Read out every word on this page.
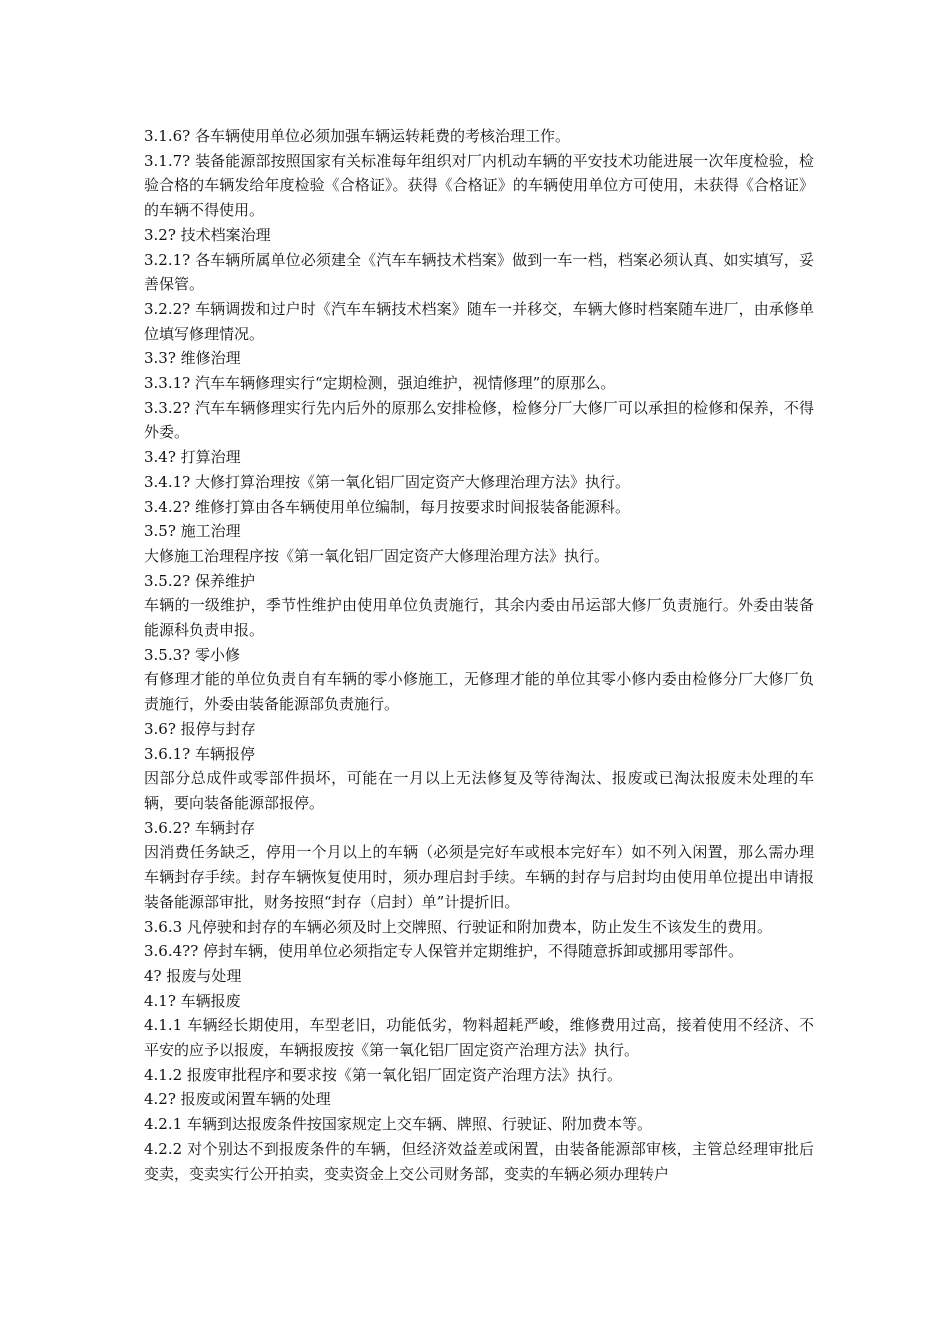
3.1.6? 各车辆使用单位必须加强车辆运转耗费的考核治理工作。

3.1.7? 装备能源部按照国家有关标准每年组织对厂内机动车辆的平安技术功能进展一次年度检验，检验合格的车辆发给年度检验《合格证》。获得《合格证》的车辆使用单位方可使用，未获得《合格证》的车辆不得使用。

3.2? 技术档案治理

3.2.1? 各车辆所属单位必须建全《汽车车辆技术档案》做到一车一档，档案必须认真、如实填写，妥善保管。

3.2.2? 车辆调拨和过户时《汽车车辆技术档案》随车一并移交，车辆大修时档案随车进厂，由承修单位填写修理情况。

3.3? 维修治理

3.3.1? 汽车车辆修理实行“定期检测，强迫维护，视情修理”的原那么。

3.3.2? 汽车车辆修理实行先内后外的原那么安排检修，检修分厂大修厂可以承担的检修和保养，不得外委。

3.4? 打算治理

3.4.1? 大修打算治理按《第一氧化铝厂固定资产大修理治理方法》执行。

3.4.2? 维修打算由各车辆使用单位编制，每月按要求时间报装备能源科。

3.5? 施工治理

大修施工治理程序按《第一氧化铝厂固定资产大修理治理方法》执行。

3.5.2? 保养维护

车辆的一级维护，季节性维护由使用单位负责施行，其余内委由吊运部大修厂负责施行。外委由装备能源科负责申报。

3.5.3? 零小修

有修理才能的单位负责自有车辆的零小修施工，无修理才能的单位其零小修内委由检修分厂大修厂负责施行，外委由装备能源部负责施行。

3.6? 报停与封存

3.6.1? 车辆报停

因部分总成件或零部件损坏，可能在一月以上无法修复及等待淘汰、报废或已淘汰报废未处理的车辆，要向装备能源部报停。

3.6.2? 车辆封存

因消费任务缺乏，停用一个月以上的车辆（必须是完好车或根本完好车）如不列入闲置，那么需办理车辆封存手续。封存车辆恢复使用时，须办理启封手续。车辆的封存与启封均由使用单位提出申请报装备能源部审批，财务按照“封存（启封）单”计提折旧。

3.6.3 凡停驶和封存的车辆必须及时上交牌照、行驶证和附加费本，防止发生不该发生的费用。

3.6.4?? 停封车辆，使用单位必须指定专人保管并定期维护，不得随意拆卸或挪用零部件。

4? 报废与处理

4.1? 车辆报废

4.1.1 车辆经长期使用，车型老旧，功能低劣，物料超耗严峻，维修费用过高，接着使用不经济、不平安的应予以报废，车辆报废按《第一氧化铝厂固定资产治理方法》执行。

4.1.2 报废审批程序和要求按《第一氧化铝厂固定资产治理方法》执行。

4.2? 报废或闲置车辆的处理

4.2.1 车辆到达报废条件按国家规定上交车辆、牌照、行驶证、附加费本等。

4.2.2 对个别达不到报废条件的车辆，但经济效益差或闲置，由装备能源部审核，主管总经理审批后变卖，变卖实行公开拍卖，变卖资金上交公司财务部，变卖的车辆必须办理转户
